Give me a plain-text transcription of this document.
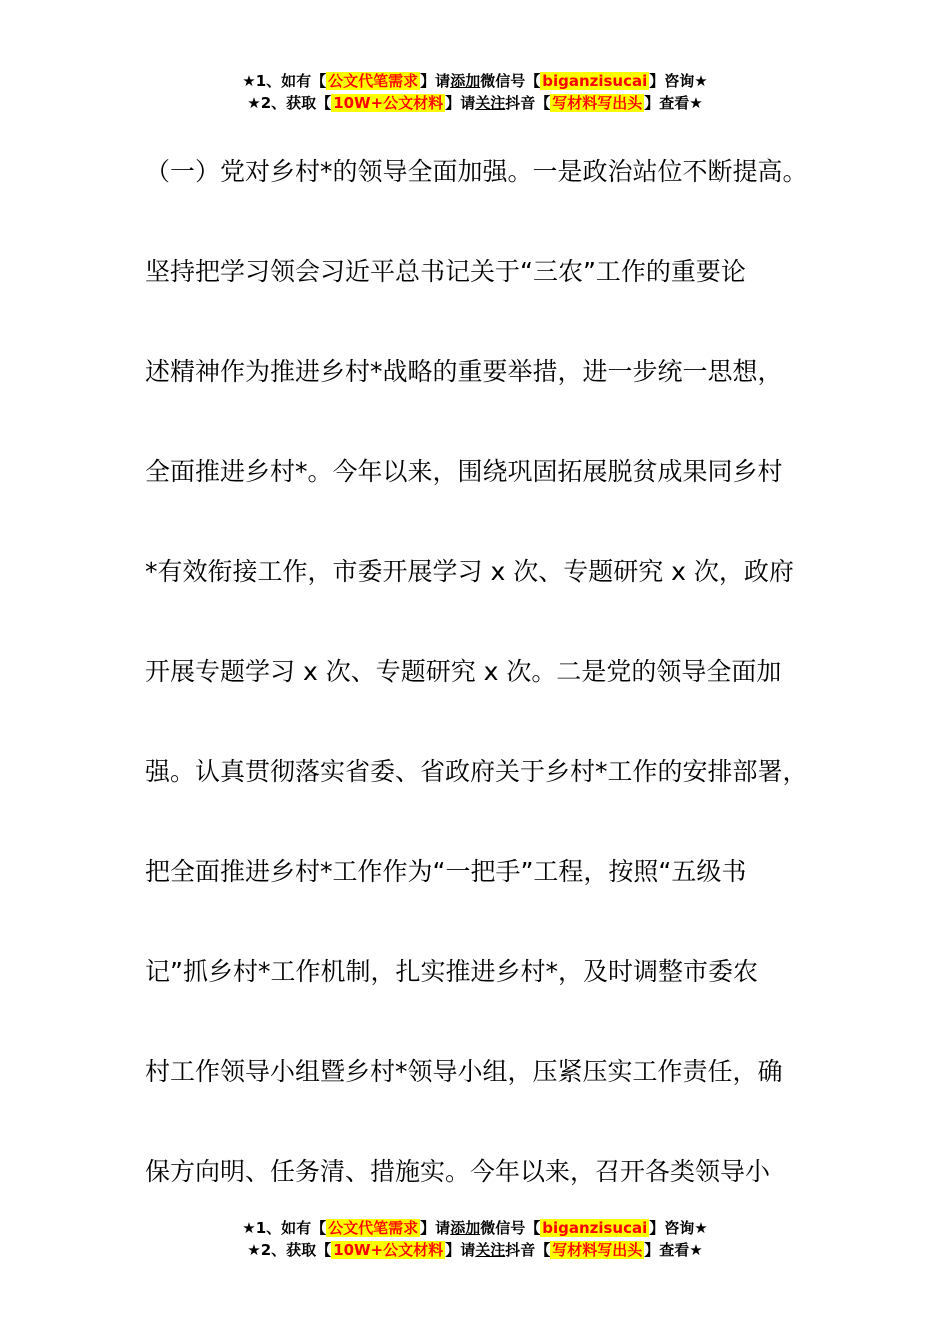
★1、如有【 公文代笔需求 】请添加微信号【 biganzisucai 】咨询★
★2、获取【 10W+公文材料 】请关注抖音【 写材料写出头 】查看★
（一）党对乡村*的领导全面加强。一是政治站位不断提高。
坚持把学习领会习近平总书记关于“三农”工作的重要论
述精神作为推进乡村*战略的重要举措，进一步统一思想，
全面推进乡村*。今年以来，围绕巩固拓展脱贫成果同乡村
*有效衔接工作，市委开展学习 x 次、专题研究 x 次，政府
开展专题学习 x 次、专题研究 x 次。二是党的领导全面加
强。认真贯彻落实省委、省政府关于乡村*工作的安排部署，
把全面推进乡村*工作作为“一把手”工程，按照“五级书
记”抓乡村*工作机制，扎实推进乡村*，及时调整市委农
村工作领导小组暨乡村*领导小组，压紧压实工作责任，确
保方向明、任务清、措施实。今年以来，召开各类领导小
★1、如有【 公文代笔需求 】请添加微信号【 biganzisucai 】咨询★
★2、获取【 10W+公文材料 】请关注抖音【 写材料写出头 】查看★
